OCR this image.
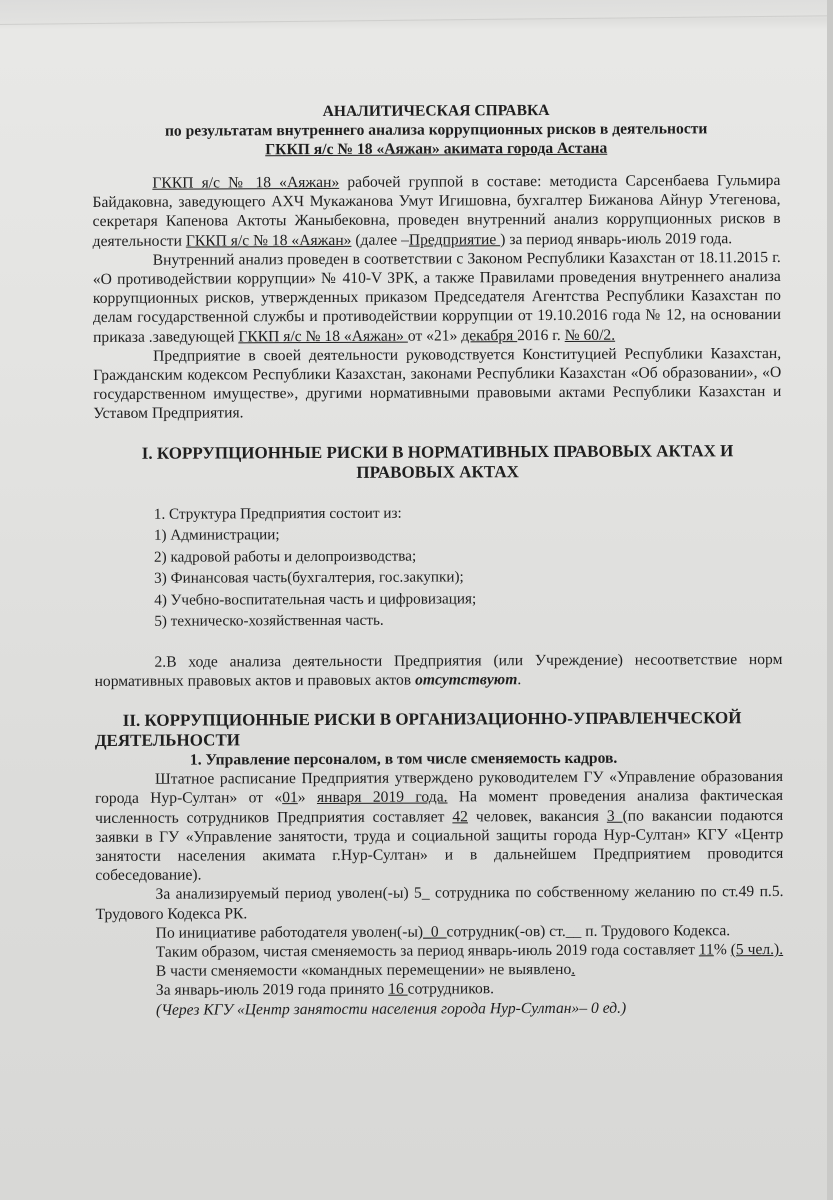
АНАЛИТИЧЕСКАЯ СПРАВКА
по результатам внутреннего анализа коррупционных рисков в деятельности
ГККП я/с № 18 «Аяжан» акимата города Астана

ГККП я/с № 18 «Аяжан» рабочей группой в составе: методиста Сарсенбаева Гульмира Байдаковна, заведующего АХЧ Мукажанова Умут Игишовна, бухгалтер Бижанова Айнур Утегенова, секретаря Капенова Актоты Жаныбековна, проведен внутренний анализ коррупционных рисков в деятельности ГККП я/с № 18 «Аяжан» (далее –Предприятие ) за период январь-июль 2019 года.

Внутренний анализ проведен в соответствии с Законом Республики Казахстан от 18.11.2015 г. «О противодействии коррупции» № 410-V ЗРК, а также Правилами проведения внутреннего анализа коррупционных рисков, утвержденных приказом Председателя Агентства Республики Казахстан по делам государственной службы и противодействии коррупции от 19.10.2016 года № 12, на основании приказа .заведующей ГККП я/с № 18 «Аяжан» от «21» декабря 2016 г. № 60/2.

Предприятие в своей деятельности руководствуется Конституцией Республики Казахстан, Гражданским кодексом Республики Казахстан, законами Республики Казахстан «Об образовании», «О государственном имуществе», другими нормативными правовыми актами Республики Казахстан и Уставом Предприятия.

I. КОРРУПЦИОННЫЕ РИСКИ В НОРМАТИВНЫХ ПРАВОВЫХ АКТАХ И
ПРАВОВЫХ АКТАХ
1. Структура Предприятия состоит из:
1) Администрации;
2) кадровой работы и делопроизводства;
3) Финансовая часть(бухгалтерия, гос.закупки);
4) Учебно-воспитательная часть и цифровизация;
5) техническо-хозяйственная часть.

2.В ходе анализа деятельности Предприятия (или Учреждение) несоответствие норм нормативных правовых актов и правовых актов отсутствуют.

II. КОРРУПЦИОННЫЕ РИСКИ В ОРГАНИЗАЦИОННО-УПРАВЛЕНЧЕСКОЙ
ДЕЯТЕЛЬНОСТИ
1. Управление персоналом, в том числе сменяемость кадров.

Штатное расписание Предприятия утверждено руководителем ГУ «Управление образования города Нур-Султан» от «01» января 2019 года. На момент проведения анализа фактическая численность сотрудников Предприятия составляет 42 человек, вакансия 3 (по вакансии подаются заявки в ГУ «Управление занятости, труда и социальной защиты города Нур-Султан» КГУ «Центр занятости населения акимата г.Нур-Султан» и в дальнейшем Предприятием проводится собеседование).

За анализируемый период уволен(-ы) 5_ сотрудника по собственному желанию по ст.49 п.5. Трудового Кодекса РК.

По инициативе работодателя уволен(-ы)_0_сотрудник(-ов) ст.__ п. Трудового Кодекса.

Таким образом, чистая сменяемость за период январь-июль 2019 года составляет 11% (5 чел.).

В части сменяемости «командных перемещении» не выявлено.

За январь-июль 2019 года принято 16 сотрудников.

(Через КГУ «Центр занятости населения города Нур-Султан»– 0 ед.)
